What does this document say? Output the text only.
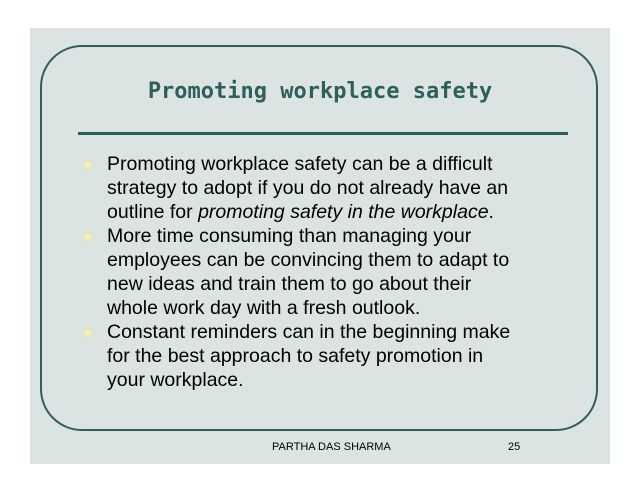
Promoting workplace safety
Promoting workplace safety can be a difficult
strategy to adopt if you do not already have an
outline for promoting safety in the workplace.
More time consuming than managing your
employees can be convincing them to adapt to
new ideas and train them to go about their
whole work day with a fresh outlook.
Constant reminders can in the beginning make
for the best approach to safety promotion in
your workplace.
PARTHA DAS SHARMA	25
